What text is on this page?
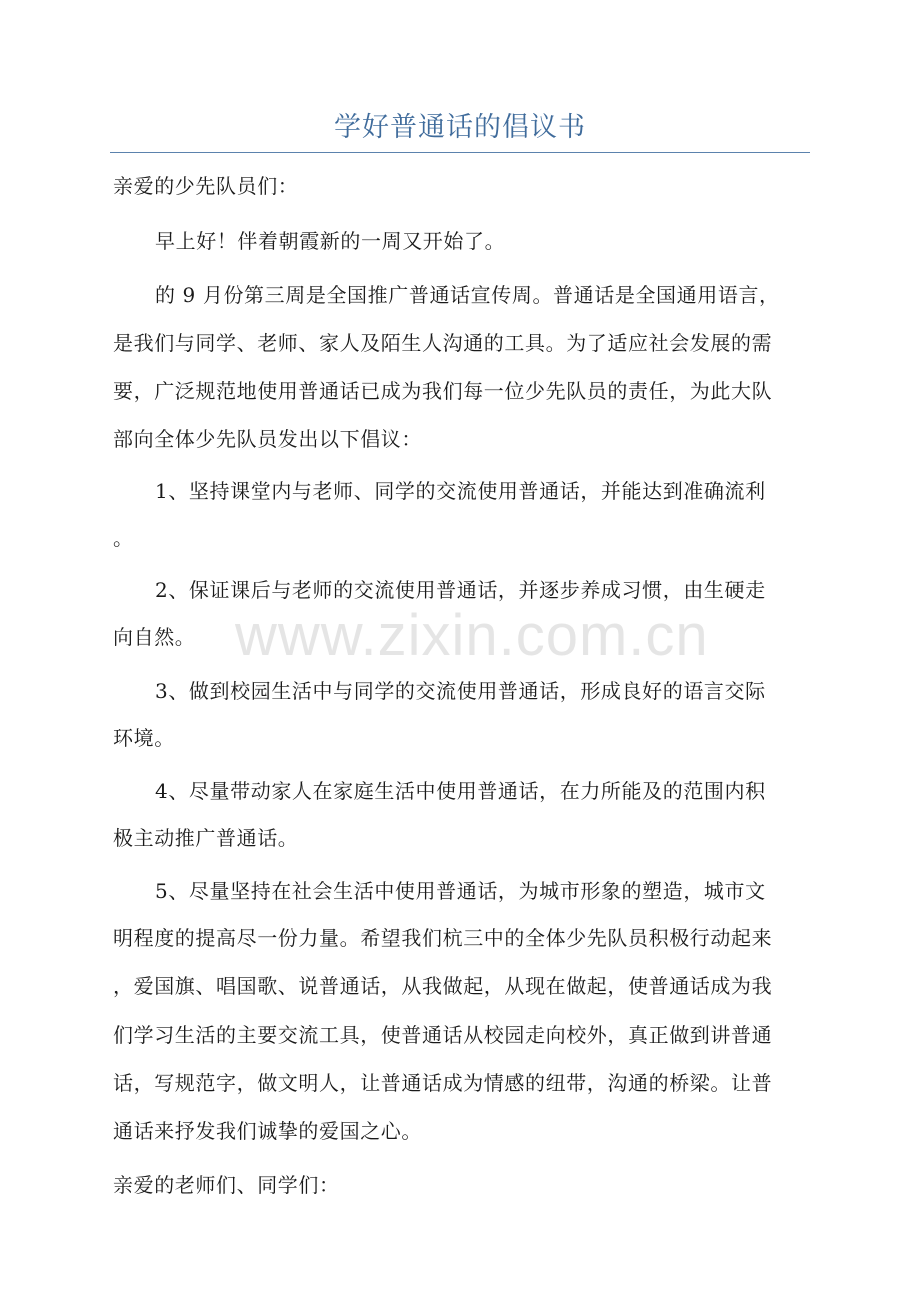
学好普通话的倡议书
亲爱的少先队员们：
早上好！伴着朝霞新的一周又开始了。
的 9 月份第三周是全国推广普通话宣传周。普通话是全国通用语言，
是我们与同学、老师、家人及陌生人沟通的工具。为了适应社会发展的需
要，广泛规范地使用普通话已成为我们每一位少先队员的责任，为此大队
部向全体少先队员发出以下倡议：
1、坚持课堂内与老师、同学的交流使用普通话，并能达到准确流利
。
2、保证课后与老师的交流使用普通话，并逐步养成习惯，由生硬走
向自然。
3、做到校园生活中与同学的交流使用普通话，形成良好的语言交际
环境。
4、尽量带动家人在家庭生活中使用普通话，在力所能及的范围内积
极主动推广普通话。
5、尽量坚持在社会生活中使用普通话，为城市形象的塑造，城市文
明程度的提高尽一份力量。希望我们杭三中的全体少先队员积极行动起来
，爱国旗、唱国歌、说普通话，从我做起，从现在做起，使普通话成为我
们学习生活的主要交流工具，使普通话从校园走向校外，真正做到讲普通
话，写规范字，做文明人，让普通话成为情感的纽带，沟通的桥梁。让普
通话来抒发我们诚挚的爱国之心。
亲爱的老师们、同学们：
www.zixin.com.cn
